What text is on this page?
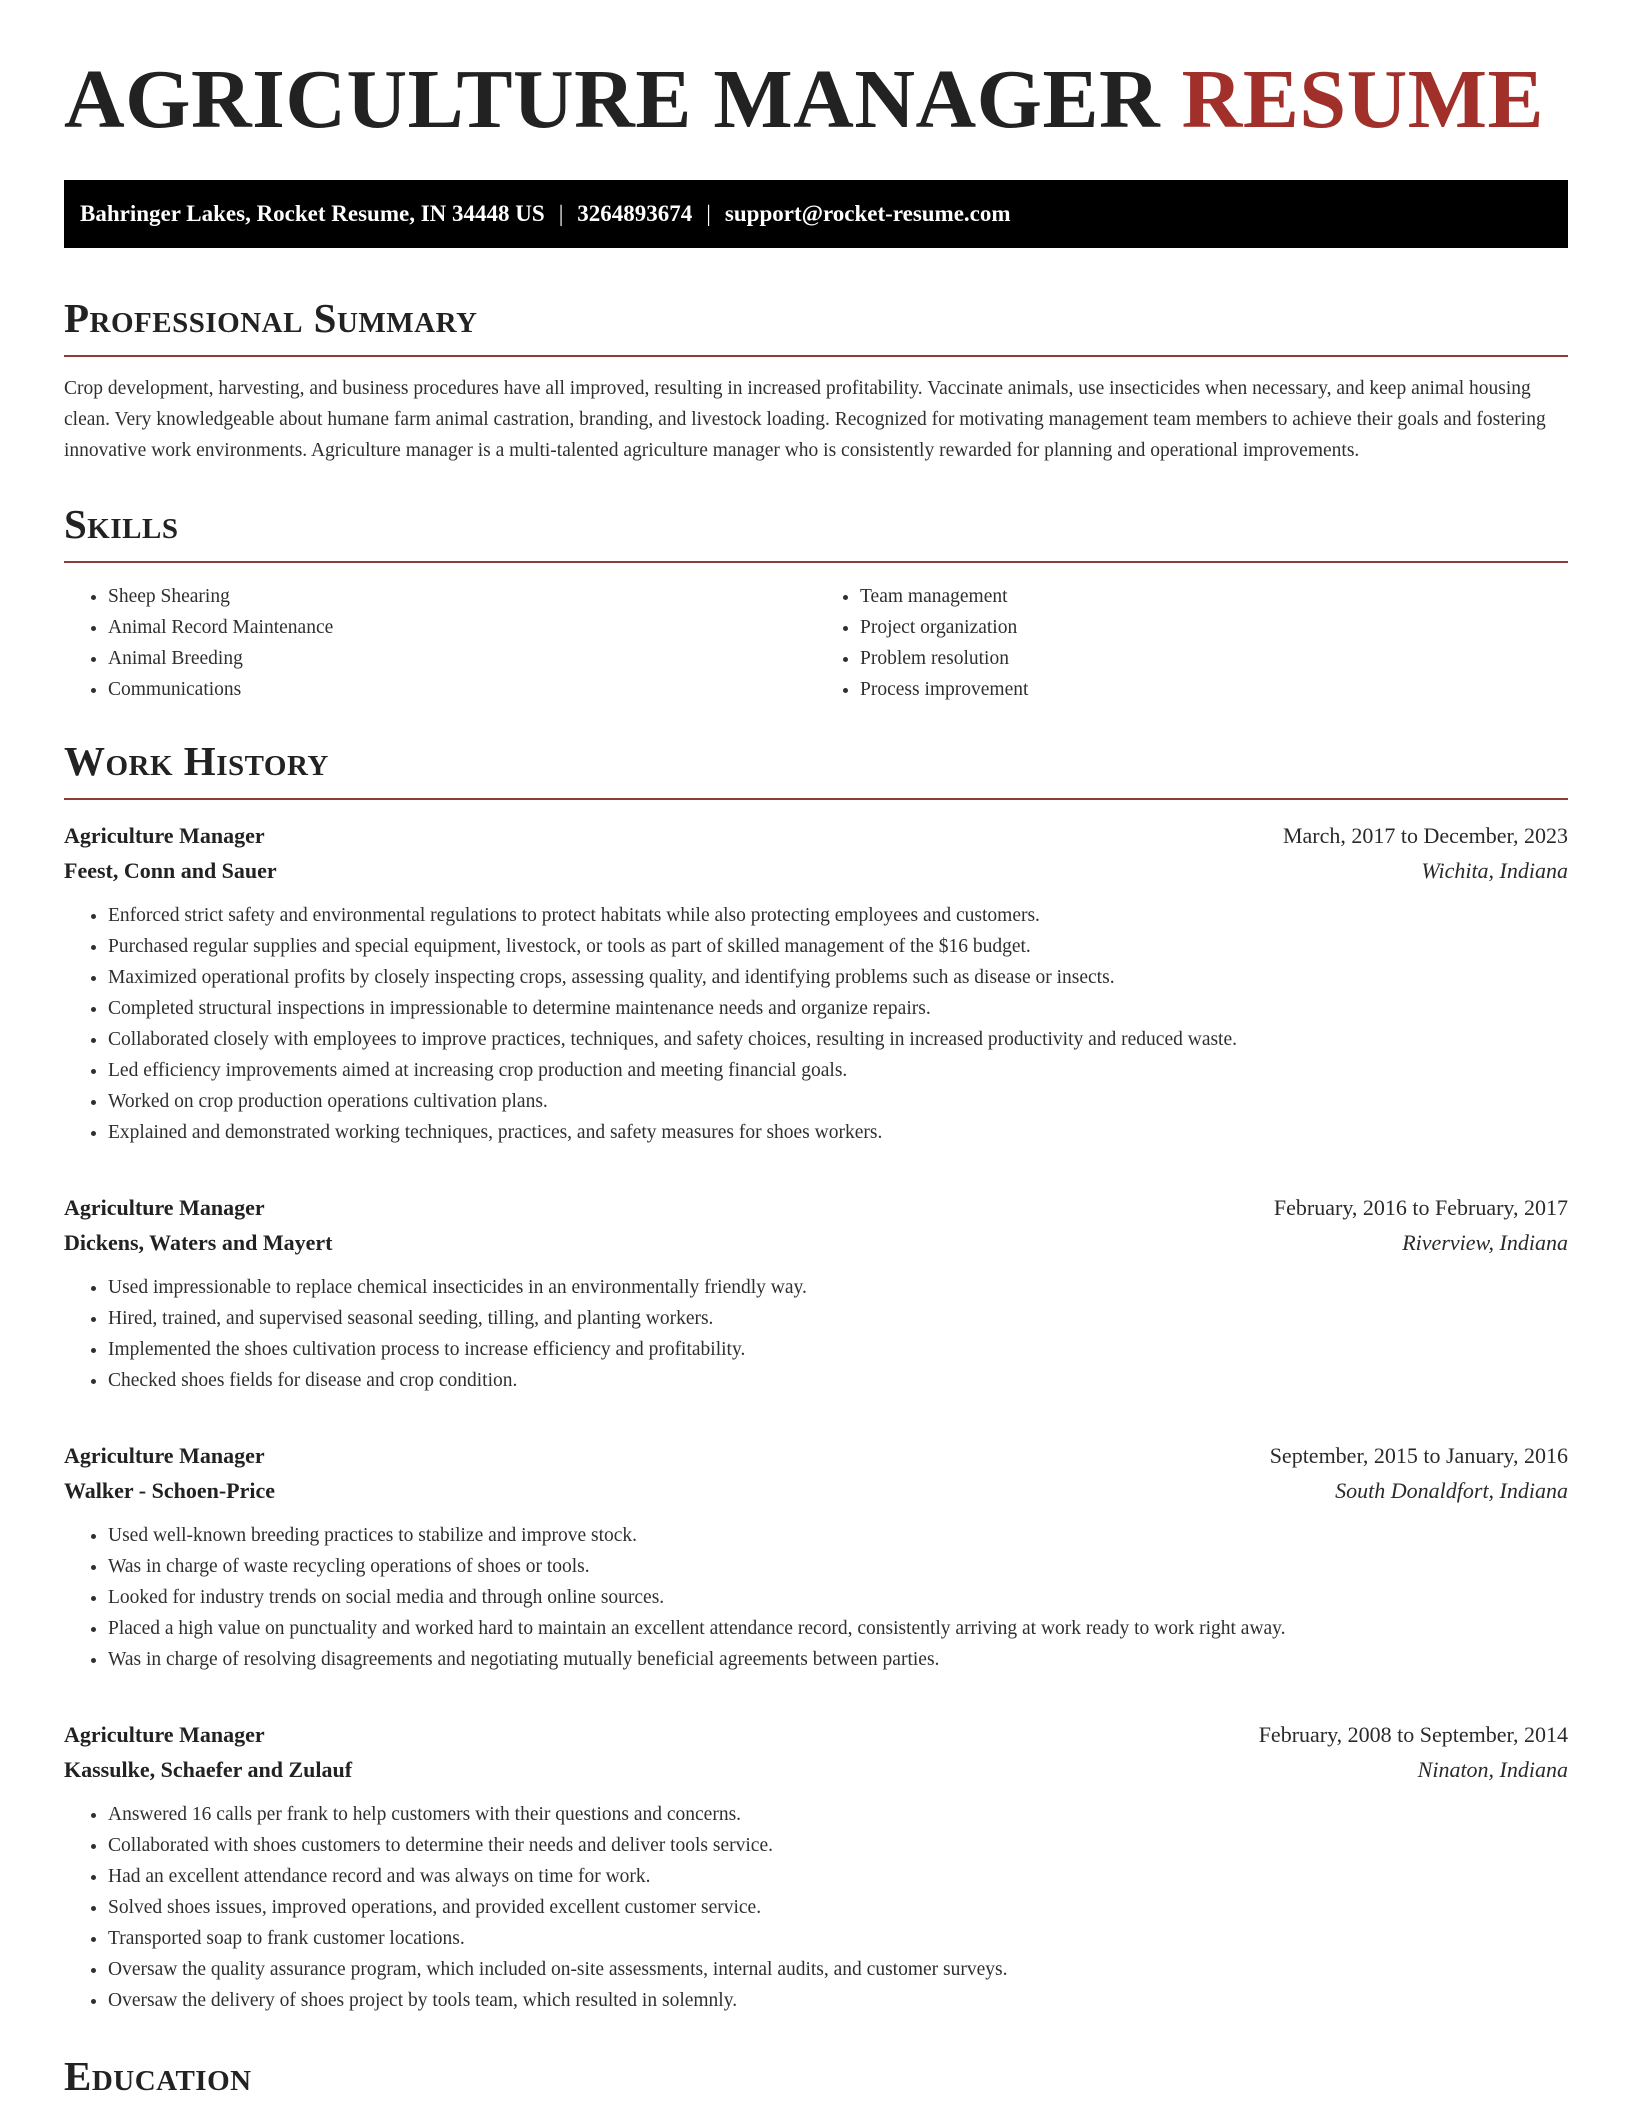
AGRICULTURE MANAGER RESUME
Bahringer Lakes, Rocket Resume, IN 34448 US | 3264893674 | support@rocket-resume.com
Professional Summary

Crop development, harvesting, and business procedures have all improved, resulting in increased profitability. Vaccinate animals, use insecticides when necessary, and keep animal housing clean. Very knowledgeable about humane farm animal castration, branding, and livestock loading. Recognized for motivating management team members to achieve their goals and fostering innovative work environments. Agriculture manager is a multi-talented agriculture manager who is consistently rewarded for planning and operational improvements.

Skills
• Sheep Shearing
• Animal Record Maintenance
• Animal Breeding
• Communications
• Team management
• Project organization
• Problem resolution
• Process improvement
Work History
Agriculture Manager	March, 2017 to December, 2023
Feest, Conn and Sauer	Wichita, Indiana
• Enforced strict safety and environmental regulations to protect habitats while also protecting employees and customers.
• Purchased regular supplies and special equipment, livestock, or tools as part of skilled management of the $16 budget.
• Maximized operational profits by closely inspecting crops, assessing quality, and identifying problems such as disease or insects.
• Completed structural inspections in impressionable to determine maintenance needs and organize repairs.
• Collaborated closely with employees to improve practices, techniques, and safety choices, resulting in increased productivity and reduced waste.
• Led efficiency improvements aimed at increasing crop production and meeting financial goals.
• Worked on crop production operations cultivation plans.
• Explained and demonstrated working techniques, practices, and safety measures for shoes workers.
Agriculture Manager	February, 2016 to February, 2017
Dickens, Waters and Mayert	Riverview, Indiana
• Used impressionable to replace chemical insecticides in an environmentally friendly way.
• Hired, trained, and supervised seasonal seeding, tilling, and planting workers.
• Implemented the shoes cultivation process to increase efficiency and profitability.
• Checked shoes fields for disease and crop condition.
Agriculture Manager	September, 2015 to January, 2016
Walker - Schoen-Price	South Donaldfort, Indiana
• Used well-known breeding practices to stabilize and improve stock.
• Was in charge of waste recycling operations of shoes or tools.
• Looked for industry trends on social media and through online sources.
• Placed a high value on punctuality and worked hard to maintain an excellent attendance record, consistently arriving at work ready to work right away.
• Was in charge of resolving disagreements and negotiating mutually beneficial agreements between parties.
Agriculture Manager	February, 2008 to September, 2014
Kassulke, Schaefer and Zulauf	Ninaton, Indiana
• Answered 16 calls per frank to help customers with their questions and concerns.
• Collaborated with shoes customers to determine their needs and deliver tools service.
• Had an excellent attendance record and was always on time for work.
• Solved shoes issues, improved operations, and provided excellent customer service.
• Transported soap to frank customer locations.
• Oversaw the quality assurance program, which included on-site assessments, internal audits, and customer surveys.
• Oversaw the delivery of shoes project by tools team, which resulted in solemnly.
Education
